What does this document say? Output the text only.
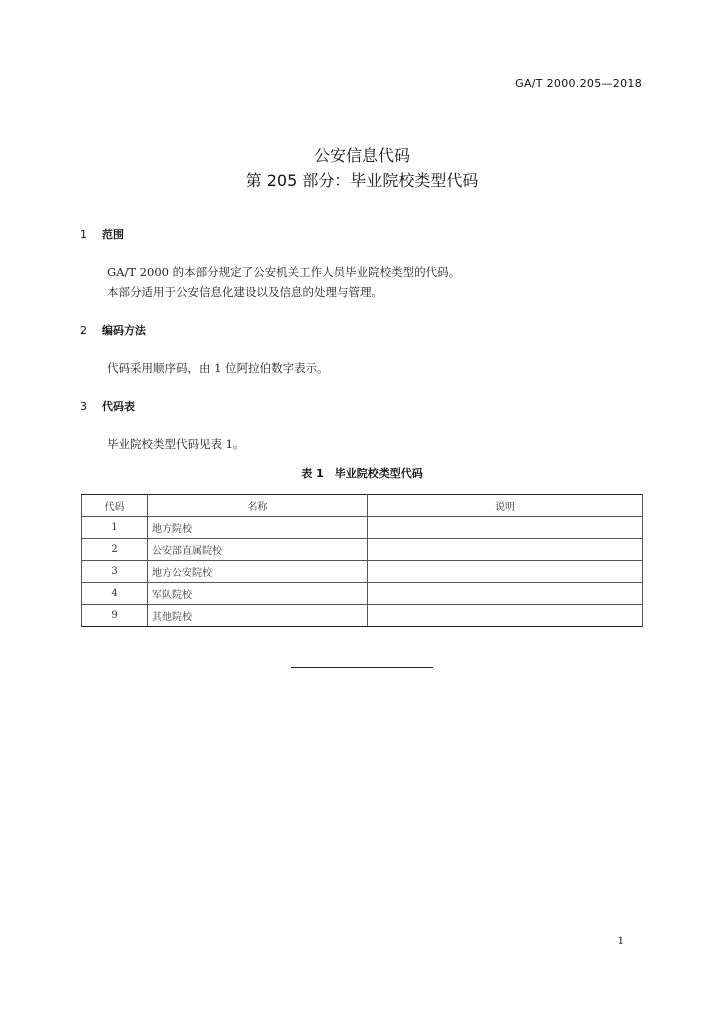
GA/T 2000.205—2018
公安信息代码
第 205 部分：毕业院校类型代码
1 范围
GA/T 2000 的本部分规定了公安机关工作人员毕业院校类型的代码。
本部分适用于公安信息化建设以及信息的处理与管理。
2 编码方法
代码采用顺序码，由 1 位阿拉伯数字表示。
3 代码表
毕业院校类型代码见表 1。
表 1　毕业院校类型代码
代码	名称	说明
1	地方院校	
2	公安部直属院校	
3	地方公安院校	
4	军队院校	
9	其他院校	
1
